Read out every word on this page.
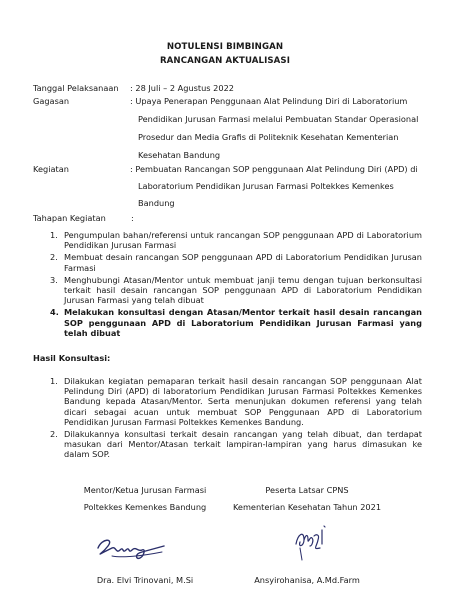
NOTULENSI BIMBINGAN
RANCANGAN AKTUALISASI
Tanggal Pelaksanaan : 28 Juli – 2 Agustus 2022
Gagasan	: Upaya Penerapan Penggunaan Alat Pelindung Diri di Laboratorium
Pendidikan Jurusan Farmasi melalui Pembuatan Standar Operasional
Prosedur dan Media Grafis di Politeknik Kesehatan Kementerian
Kesehatan Bandung
Kegiatan	: Pembuatan Rancangan SOP penggunaan Alat Pelindung Diri (APD) di
Laboratorium Pendidikan Jurusan Farmasi Poltekkes Kemenkes
Bandung
Tahapan Kegiatan	:
1. Pengumpulan bahan/referensi untuk rancangan SOP penggunaan APD di Laboratorium Pendidikan Jurusan Farmasi
2. Membuat desain rancangan SOP penggunaan APD di Laboratorium Pendidikan Jurusan Farmasi
3. Menghubungi Atasan/Mentor untuk membuat janji temu dengan tujuan berkonsultasi terkait hasil desain rancangan SOP penggunaan APD di Laboratorium Pendidikan Jurusan Farmasi yang telah dibuat
4. Melakukan konsultasi dengan Atasan/Mentor terkait hasil desain rancangan SOP penggunaan APD di Laboratorium Pendidikan Jurusan Farmasi yang telah dibuat
Hasil Konsultasi:
1. Dilakukan kegiatan pemaparan terkait hasil desain rancangan SOP penggunaan Alat Pelindung Diri (APD) di laboratorium Pendidikan Jurusan Farmasi Poltekkes Kemenkes Bandung kepada Atasan/Mentor. Serta menunjukan dokumen referensi yang telah dicari sebagai acuan untuk membuat SOP Penggunaan APD di Laboratorium Pendidikan Jurusan Farmasi Poltekkes Kemenkes Bandung.
2. Dilakukannya konsultasi terkait desain rancangan yang telah dibuat, dan terdapat masukan dari Mentor/Atasan terkait lampiran-lampiran yang harus dimasukan ke dalam SOP.
Mentor/Ketua Jurusan Farmasi
Poltekkes Kemenkes Bandung
Peserta Latsar CPNS
Kementerian Kesehatan Tahun 2021
Dra. Elvi Trinovani, M.Si	Ansyirohanisa, A.Md.Farm
